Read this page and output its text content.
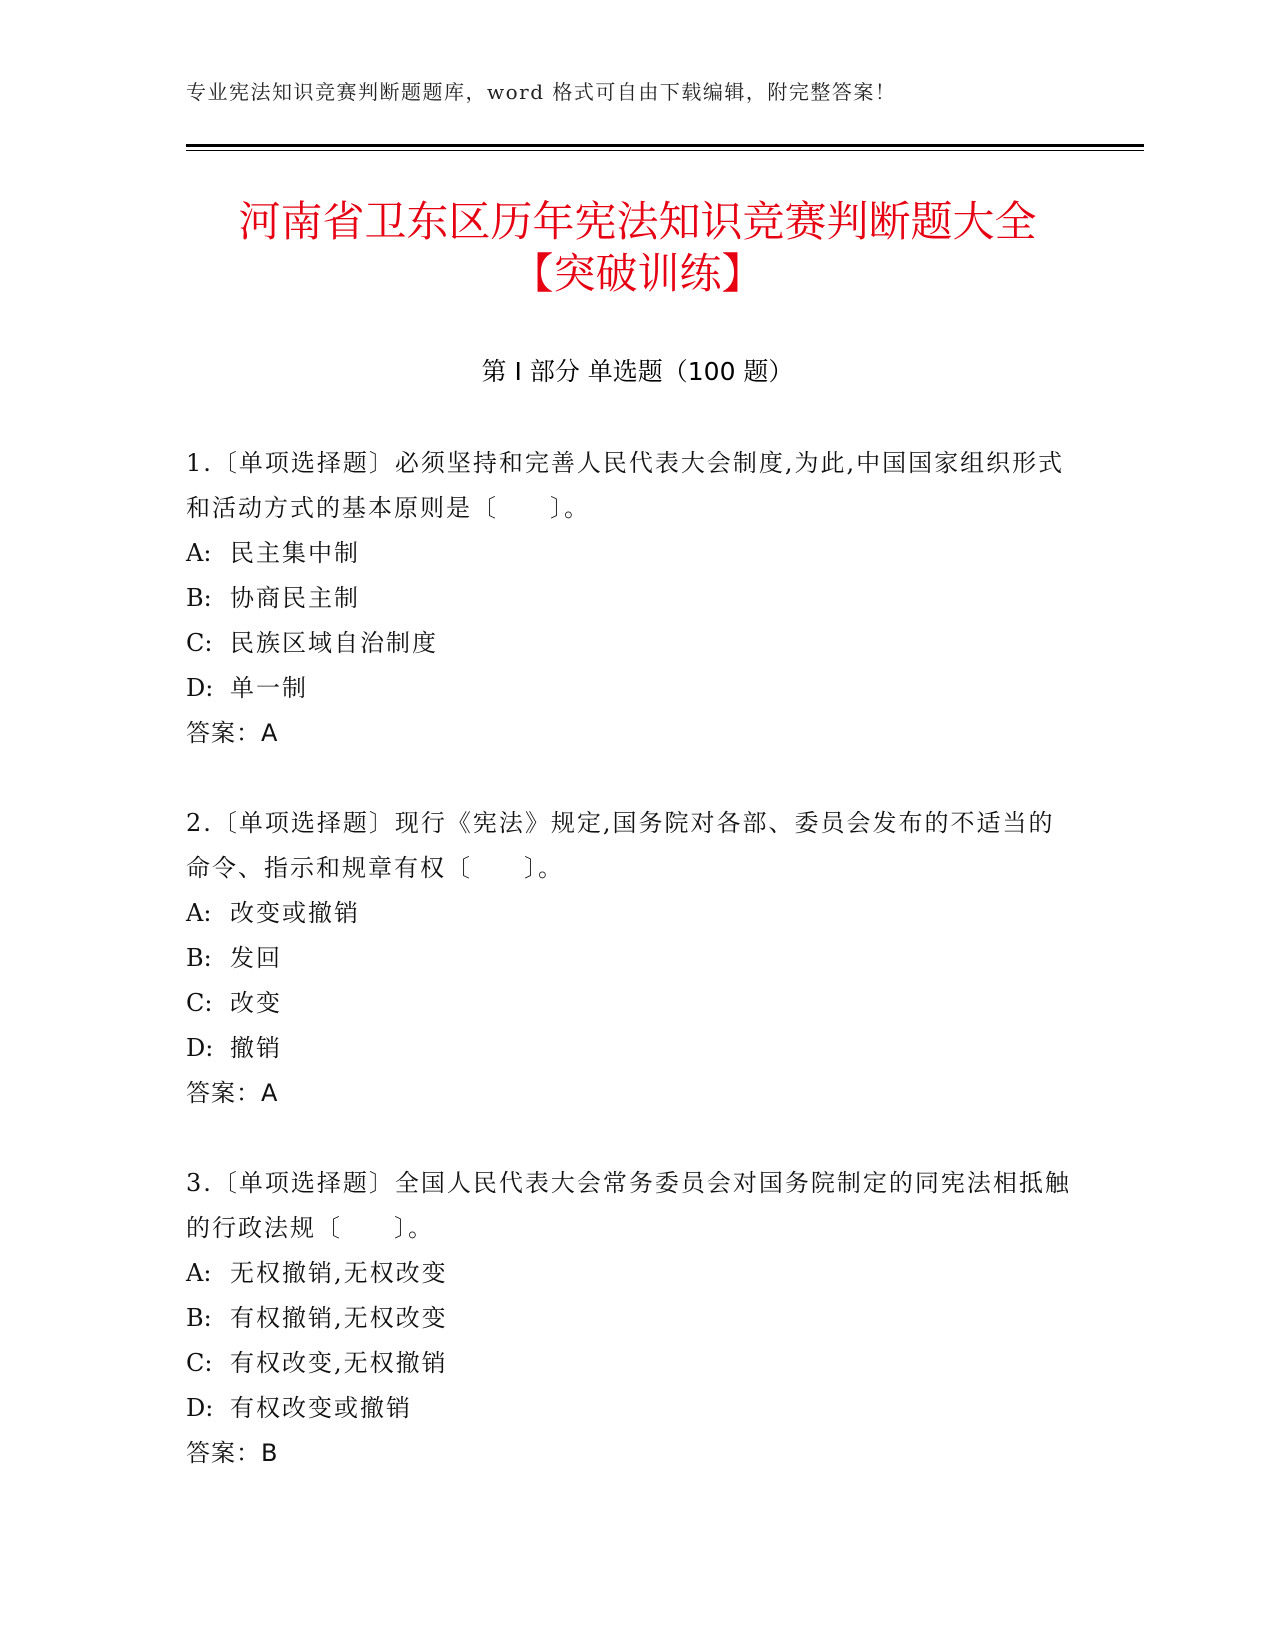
专业宪法知识竞赛判断题题库，word 格式可自由下载编辑，附完整答案！
河南省卫东区历年宪法知识竞赛判断题大全
【突破训练】
第 I 部分 单选题（100 题）

1.〔单项选择题〕必须坚持和完善人民代表大会制度,为此,中国国家组织形式和活动方式的基本原则是〔　　〕。

A: 民主集中制

B: 协商民主制

C: 民族区域自治制度

D: 单一制

答案：A

2.〔单项选择题〕现行《宪法》规定,国务院对各部、委员会发布的不适当的命令、指示和规章有权〔　　〕。

A: 改变或撤销

B: 发回

C: 改变

D: 撤销

答案：A

3.〔单项选择题〕全国人民代表大会常务委员会对国务院制定的同宪法相抵触的行政法规〔　　〕。

A: 无权撤销,无权改变

B: 有权撤销,无权改变

C: 有权改变,无权撤销

D: 有权改变或撤销

答案：B
